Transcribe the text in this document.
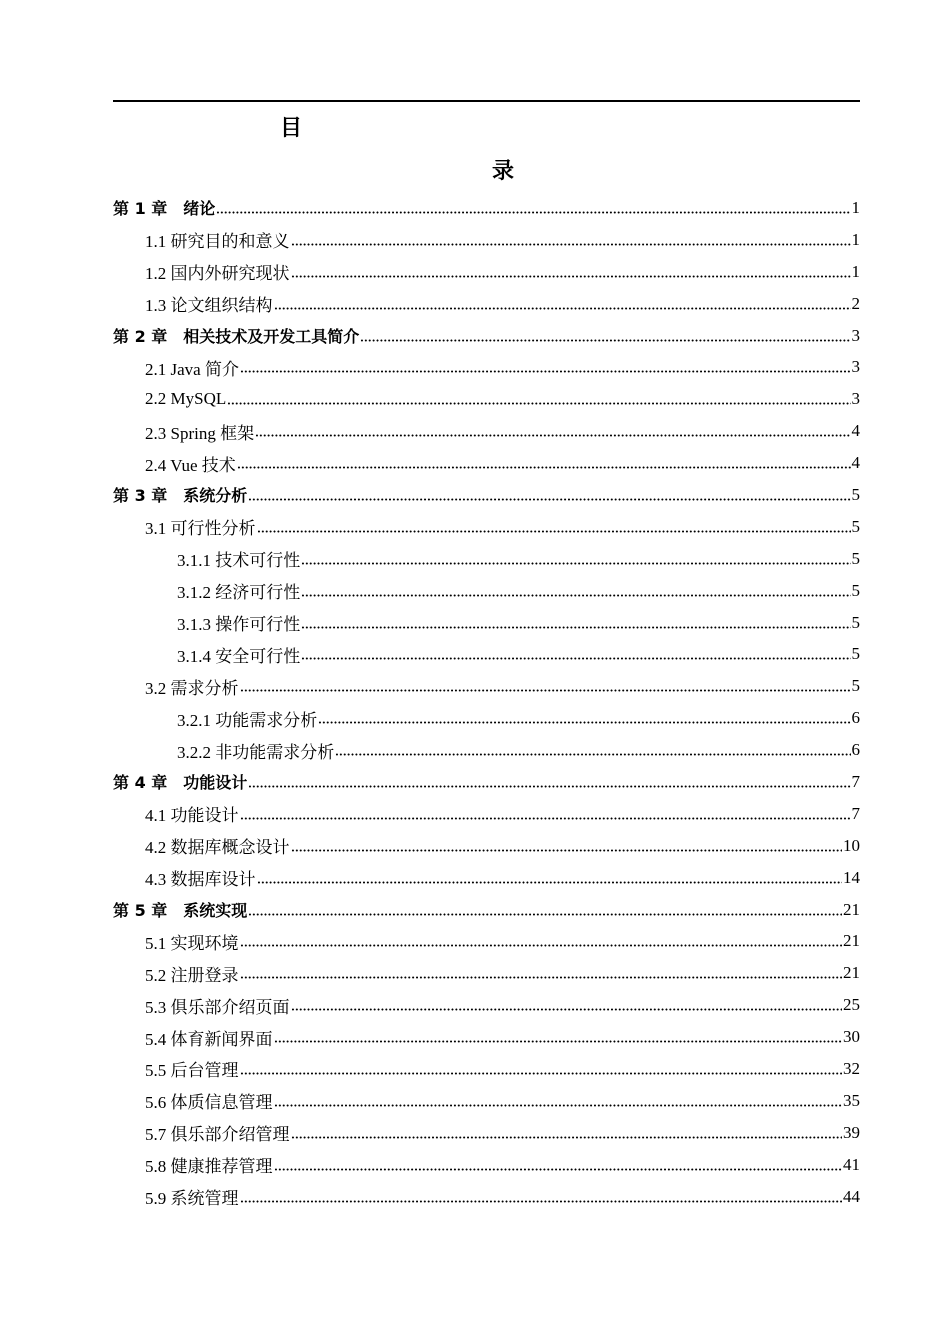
目
录
第 1 章　绪论	1
1.1 研究目的和意义	1
1.2 国内外研究现状	1
1.3 论文组织结构	2
第 2 章　相关技术及开发工具简介	3
2.1 Java 简介	3
2.2 MySQL	3
2.3 Spring 框架	4
2.4 Vue 技术	4
第 3 章　系统分析	5
3.1 可行性分析	5
3.1.1 技术可行性	5
3.1.2 经济可行性	5
3.1.3 操作可行性	5
3.1.4 安全可行性	5
3.2 需求分析	5
3.2.1 功能需求分析	6
3.2.2 非功能需求分析	6
第 4 章　功能设计	7
4.1 功能设计	7
4.2 数据库概念设计	10
4.3 数据库设计	14
第 5 章　系统实现	21
5.1 实现环境	21
5.2 注册登录	21
5.3 俱乐部介绍页面	25
5.4 体育新闻界面	30
5.5 后台管理	32
5.6 体质信息管理	35
5.7 俱乐部介绍管理	39
5.8 健康推荐管理	41
5.9 系统管理	44
